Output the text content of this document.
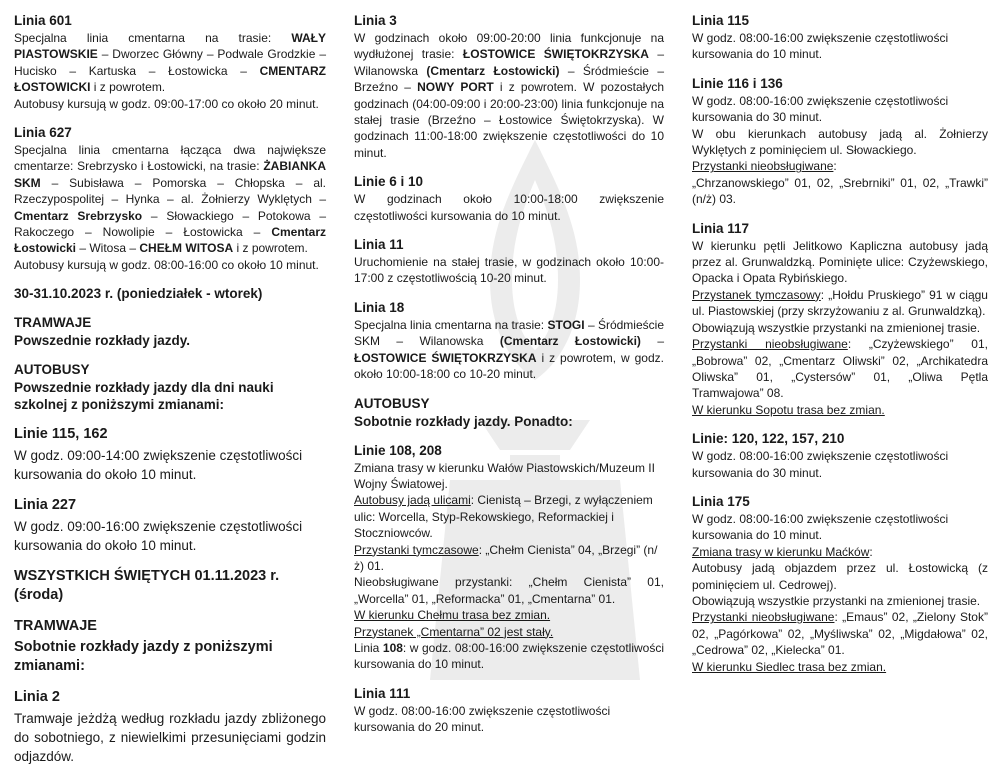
Linia 601

Specjalna linia cmentarna na trasie: WAŁY PIASTOWSKIE – Dworzec Główny – Podwale Grodzkie – Hucisko – Kartuska – Łostowicka – CMENTARZ ŁOSTOWICKI i z powrotem.

Autobusy kursują w godz. 09:00-17:00 co około 20 minut.

Linia 627

Specjalna linia cmentarna łącząca dwa największe cmentarze: Srebrzysko i Łostowicki, na trasie: ŻABIANKA SKM – Subisława – Pomorska – Chłopska – al. Rzeczypospolitej – Hynka – al. Żołnierzy Wyklętych – Cmentarz Srebrzysko – Słowackiego – Potokowa – Rakoczego – Nowolipie – Łostowicka – Cmentarz Łostowicki – Witosa – CHEŁM WITOSA i z powrotem.

Autobusy kursują w godz. 08:00-16:00 co około 10 minut.

30-31.10.2023 r. (poniedziałek - wtorek)
TRAMWAJE
Powszednie rozkłady jazdy.
AUTOBUSY
Powszednie rozkłady jazdy dla dni nauki szkolnej z poniższymi zmianami:
Linie 115, 162

W godz. 09:00-14:00 zwiększenie częstotliwości kursowania do około 10 minut.

Linia 227

W godz. 09:00-16:00 zwiększenie częstotliwości kursowania do około 10 minut.

WSZYSTKICH ŚWIĘTYCH 01.11.2023 r. (środa)
TRAMWAJE
Sobotnie rozkłady jazdy z poniższymi zmianami:
Linia 2

Tramwaje jeżdżą według rozkładu jazdy zbliżonego do sobotniego, z niewielkimi przesunięciami godzin odjazdów.

Linia 3

W godzinach około 09:00-20:00 linia funkcjonuje na wydłużonej trasie: ŁOSTOWICE ŚWIĘTOKRZYSKA – Wilanowska (Cmentarz Łostowicki) – Śródmieście – Brzeźno – NOWY PORT i z powrotem. W pozostałych godzinach (04:00-09:00 i 20:00-23:00) linia funkcjonuje na stałej trasie (Brzeźno – Łostowice Świętokrzyska). W godzinach 11:00-18:00 zwiększenie częstotliwości do 10 minut.

Linie 6 i 10

W godzinach około 10:00-18:00 zwiększenie częstotliwości kursowania do 10 minut.

Linia 11

Uruchomienie na stałej trasie, w godzinach około 10:00-17:00 z częstotliwością 10-20 minut.

Linia 18

Specjalna linia cmentarna na trasie: STOGI – Śródmieście SKM – Wilanowska (Cmentarz Łostowicki) – ŁOSTOWICE ŚWIĘTOKRZYSKA i z powrotem, w godz. około 10:00-18:00 co 10-20 minut.

AUTOBUSY
Sobotnie rozkłady jazdy. Ponadto:
Linie 108, 208

Zmiana trasy w kierunku Wałów Piastowskich/Muzeum II Wojny Światowej.

Autobusy jadą ulicami: Cienistą – Brzegi, z wyłączeniem ulic: Worcella, Styp-Rekowskiego, Reformackiej i Stoczniowców.

Przystanki tymczasowe: „Chełm Cienista” 04, „Brzegi” (n/ż) 01.

Nieobsługiwane przystanki: „Chełm Cienista” 01, „Worcella” 01, „Reformacka” 01, „Cmentarna” 01.

W kierunku Chełmu trasa bez zmian.

Przystanek „Cmentarna” 02 jest stały.

Linia 108: w godz. 08:00-16:00 zwiększenie częstotliwości kursowania do 10 minut.

Linia 111

W godz. 08:00-16:00 zwiększenie częstotliwości kursowania do 20 minut.

Linia 115

W godz. 08:00-16:00 zwiększenie częstotliwości kursowania do 10 minut.

Linie 116 i 136

W godz. 08:00-16:00 zwiększenie częstotliwości kursowania do 30 minut.

W obu kierunkach autobusy jadą al. Żołnierzy Wyklętych z pominięciem ul. Słowackiego.

Przystanki nieobsługiwane:

„Chrzanowskiego” 01, 02, „Srebrniki” 01, 02, „Trawki” (n/ż) 03.

Linia 117

W kierunku pętli Jelitkowo Kapliczna autobusy jadą przez al. Grunwaldzką. Pominięte ulice: Czyżewskiego, Opacka i Opata Rybińskiego.

Przystanek tymczasowy: „Hołdu Pruskiego” 91 w ciągu ul. Piastowskiej (przy skrzyżowaniu z al. Grunwaldzką).

Obowiązują wszystkie przystanki na zmienionej trasie.

Przystanki nieobsługiwane: „Czyżewskiego” 01, „Bobrowa” 02, „Cmentarz Oliwski” 02, „Archikatedra Oliwska” 01, „Cystersów” 01, „Oliwa Pętla Tramwajowa” 08.

W kierunku Sopotu trasa bez zmian.

Linie: 120, 122, 157, 210

W godz. 08:00-16:00 zwiększenie częstotliwości kursowania do 30 minut.

Linia 175

W godz. 08:00-16:00 zwiększenie częstotliwości kursowania do 10 minut.

Zmiana trasy w kierunku Maćków:

Autobusy jadą objazdem przez ul. Łostowicką (z pominięciem ul. Cedrowej).

Obowiązują wszystkie przystanki na zmienionej trasie.

Przystanki nieobsługiwane: „Emaus” 02, „Zielony Stok” 02, „Pagórkowa” 02, „Myśliwska” 02, „Migdałowa” 02, „Cedrowa” 02, „Kielecka” 01.

W kierunku Siedlec trasa bez zmian.
